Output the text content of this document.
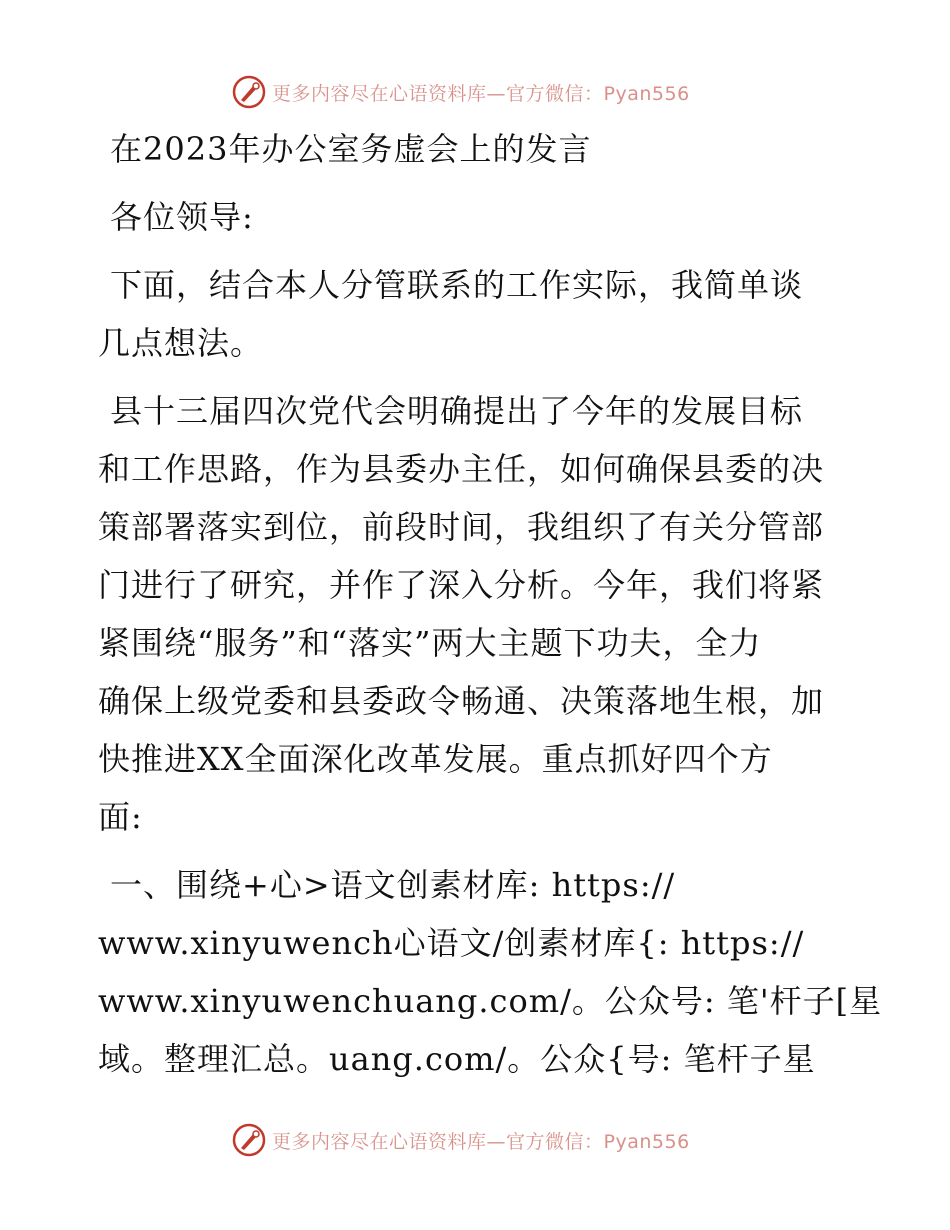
更多内容尽在心语资料库—官方微信：Pyan556
在2023年办公室务虚会上的发言
各位领导:
下面，结合本人分管联系的工作实际，我简单谈
几点想法。
县十三届四次党代会明确提出了今年的发展目标
和工作思路，作为县委办主任，如何确保县委的决
策部署落实到位，前段时间，我组织了有关分管部
门进行了研究，并作了深入分析。今年，我们将紧
紧围绕“服务”和“落实”两大主题下功夫，全力
确保上级党委和县委政令畅通、决策落地生根，加
快推进XX全面深化改革发展。重点抓好四个方
面:
一、围绕+心>语文创素材库: https://
www.xinyuwench心语文/创素材库{: https://
www.xinyuwenchuang.com/。公众号: 笔'杆子[星
域。整理汇总。uang.com/。公众{号: 笔杆子星
更多内容尽在心语资料库—官方微信：Pyan556
